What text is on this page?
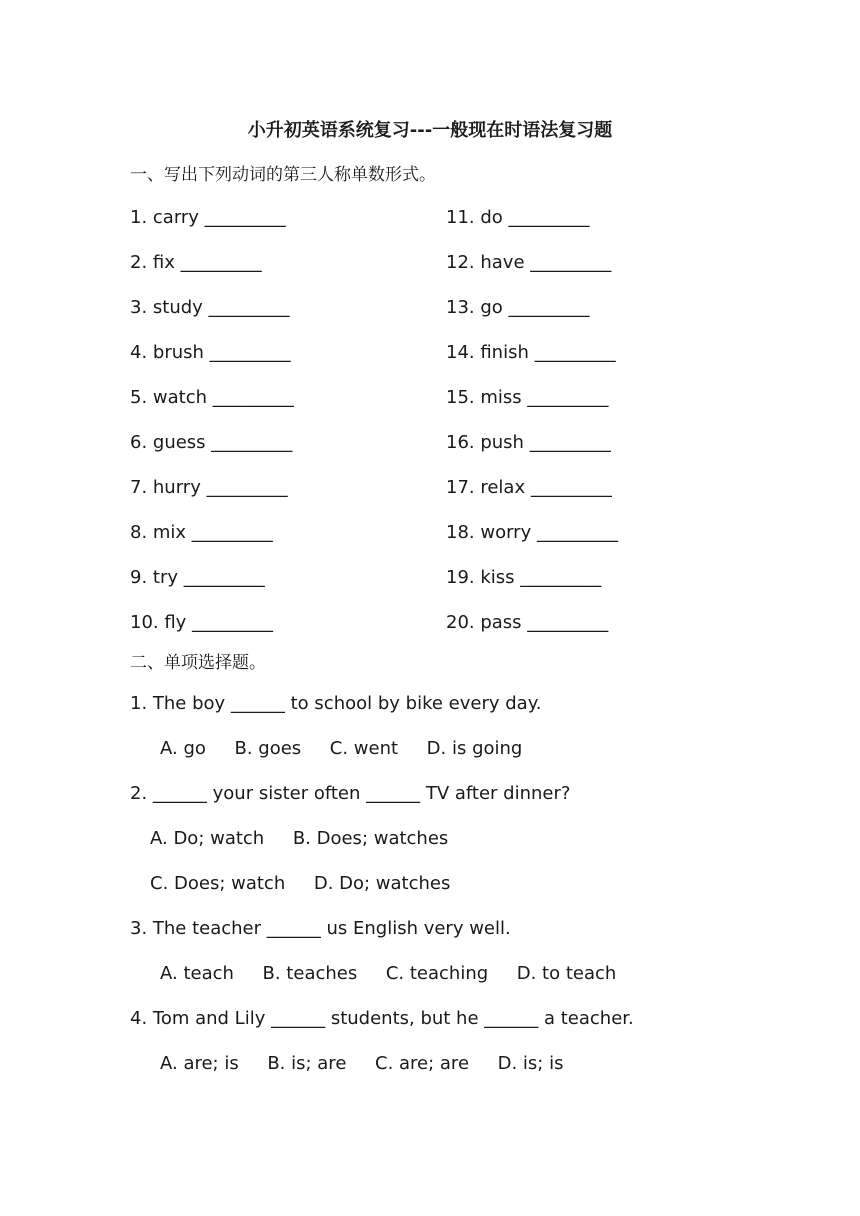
小升初英语系统复习---一般现在时语法复习题
一、写出下列动词的第三人称单数形式。
1. carry _________
2. fix _________
3. study _________
4. brush _________
5. watch _________
6. guess _________
7. hurry _________
8. mix _________
9. try _________
10. fly _________
11. do _________
12. have _________
13. go _________
14. finish _________
15. miss _________
16. push _________
17. relax _________
18. worry _________
19. kiss _________
20. pass _________
二、单项选择题。
1. The boy ______ to school by bike every day.
A. go     B. goes     C. went     D. is going
2. ______ your sister often ______ TV after dinner?
A. Do; watch     B. Does; watches
C. Does; watch     D. Do; watches
3. The teacher ______ us English very well.
A. teach     B. teaches     C. teaching     D. to teach
4. Tom and Lily ______ students, but he ______ a teacher.
A. are; is     B. is; are     C. are; are     D. is; is
